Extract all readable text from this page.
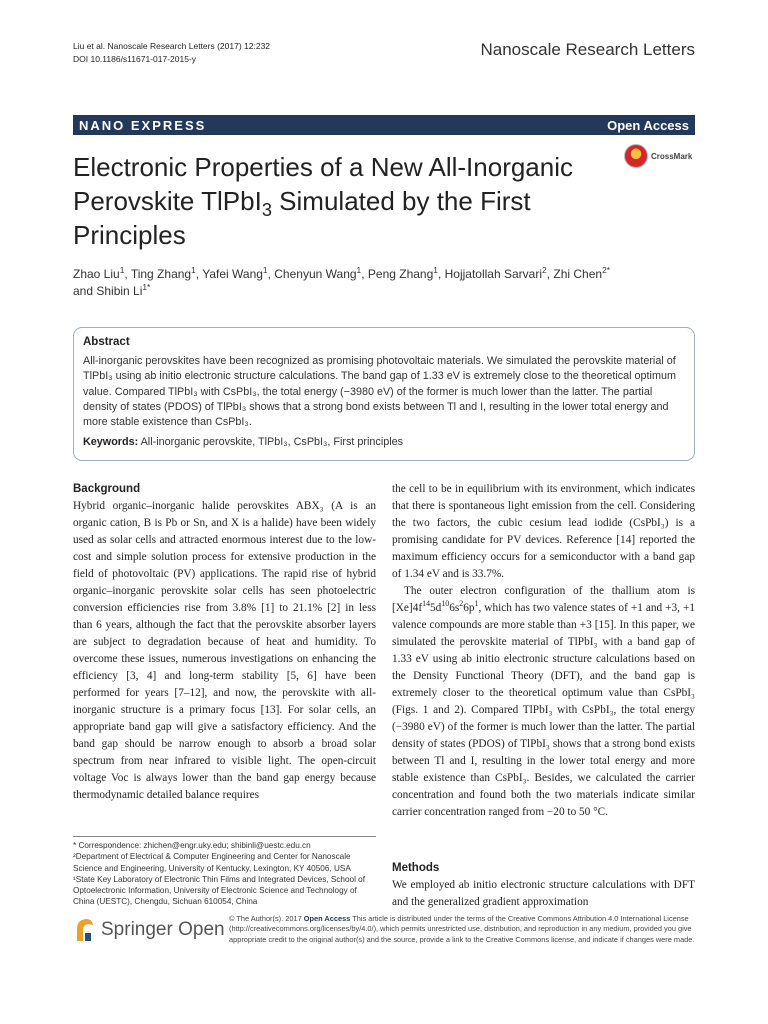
Liu et al. Nanoscale Research Letters (2017) 12:232
DOI 10.1186/s11671-017-2015-y	Nanoscale Research Letters
NANO EXPRESS	Open Access
Electronic Properties of a New All-Inorganic Perovskite TlPbI$_3$ Simulated by the First Principles
CrossMark
Zhao Liu$^1$, Ting Zhang$^1$, Yafei Wang$^1$, Chenyun Wang$^1$, Peng Zhang$^1$, Hojjatollah Sarvari$^2$, Zhi Chen$^{2*}$
and Shibin $Li^{1*}$
Abstract
All-inorganic perovskites have been recognized as promising photovoltaic materials. We simulated the perovskite material of TlPbI₃ using ab initio electronic structure calculations. The band gap of 1.33 eV is extremely close to the theoretical optimum value. Compared TlPbI₃ with CsPbI₃, the total energy (−3980 eV) of the former is much lower than the latter. The partial density of states (PDOS) of TlPbI₃ shows that a strong bond exists between Tl and I, resulting in the lower total energy and more stable existence than CsPbI₃.
Keywords: All-inorganic perovskite, TlPbI₃, CsPbI₃, First principles
Background
Hybrid organic–inorganic halide perovskites ABX₃ (A is an organic cation, B is Pb or Sn, and X is a halide) have been widely used as solar cells and attracted enormous interest due to the low-cost and simple solution process for extensive production in the field of photovoltaic (PV) applications. The rapid rise of hybrid organic–inorganic perovskite solar cells has seen photoelectric conversion efficiencies rise from 3.8% [1] to 21.1% [2] in less than 6 years, although the fact that the perovskite absorber layers are subject to degradation because of heat and humidity. To overcome these issues, numerous investigations on enhancing the efficiency [3, 4] and long-term stability [5, 6] have been performed for years [7–12], and now, the perovskite with all-inorganic structure is a primary focus [13]. For solar cells, an appropriate band gap will give a satisfactory efficiency. And the band gap should be narrow enough to absorb a broad solar spectrum from near infrared to visible light. The open-circuit voltage Voc is always lower than the band gap energy because thermodynamic detailed balance requires
the cell to be in equilibrium with its environment, which indicates that there is spontaneous light emission from the cell. Considering the two factors, the cubic cesium lead iodide (CsPbI₃) is a promising candidate for PV devices. Reference [14] reported the maximum efficiency occurs for a semiconductor with a band gap of 1.34 eV and is 33.7%.
The outer electron configuration of the thallium atom is $[Xe]4f^{14}5d^{10}6s^26p^1$, which has two valence states of +1 and +3, +1 valence compounds are more stable than +3 [15]. In this paper, we simulated the perovskite material of TlPbI₃ with a band gap of 1.33 eV using ab initio electronic structure calculations based on the Density Functional Theory (DFT), and the band gap is extremely closer to the theoretical optimum value than CsPbI₃ (Figs. 1 and 2). Compared TlPbI₃ with CsPbI₃, the total energy (−3980 eV) of the former is much lower than the latter. The partial density of states (PDOS) of TlPbI₃ shows that a strong bond exists between Tl and I, resulting in the lower total energy and more stable existence than CsPbI₃. Besides, we calculated the carrier concentration and found both the two materials indicate similar carrier concentration ranged from −20 to 50 °C.
Methods
We employed ab initio electronic structure calculations with DFT and the generalized gradient approximation
* Correspondence: zhichen@engr.uky.edu; shibinli@uestc.edu.cn
²Department of Electrical & Computer Engineering and Center for Nanoscale Science and Engineering, University of Kentucky, Lexington, KY 40506, USA
¹State Key Laboratory of Electronic Thin Films and Integrated Devices, School of Optoelectronic Information, University of Electronic Science and Technology of China (UESTC), Chengdu, Sichuan 610054, China
Springer Open
© The Author(s). 2017 Open Access This article is distributed under the terms of the Creative Commons Attribution 4.0 International License (http://creativecommons.org/licenses/by/4.0/), which permits unrestricted use, distribution, and reproduction in any medium, provided you give appropriate credit to the original author(s) and the source, provide a link to the Creative Commons license, and indicate if changes were made.
